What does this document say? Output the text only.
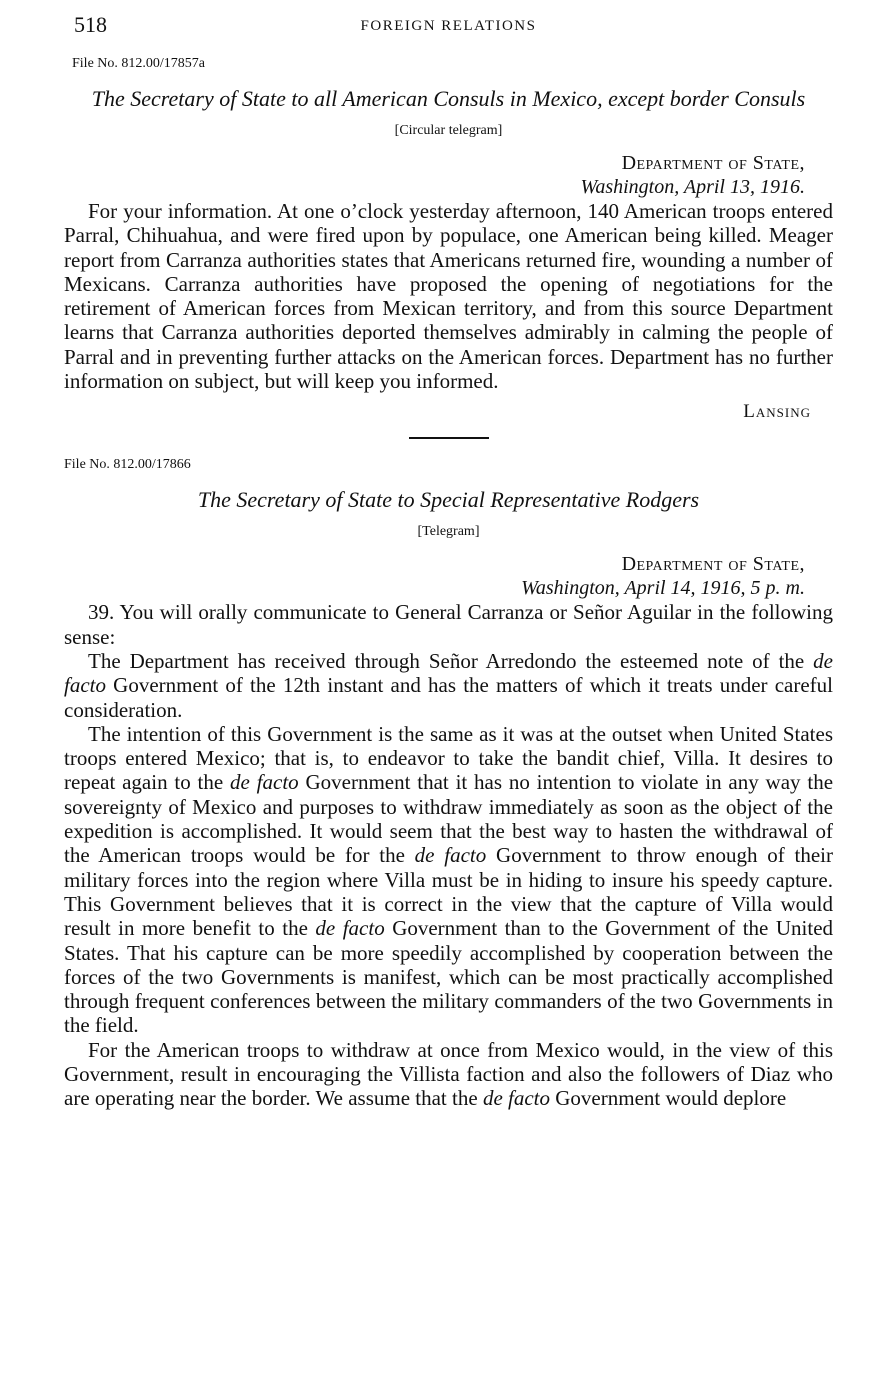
518	FOREIGN RELATIONS
File No. 812.00/17857a
The Secretary of State to all American Consuls in Mexico, except border Consuls
[Circular telegram]
Department of State,
Washington, April 13, 1916.

For your information. At one o’clock yesterday afternoon, 140 American troops entered Parral, Chihuahua, and were fired upon by populace, one American being killed. Meager report from Carranza authorities states that Americans returned fire, wounding a number of Mexicans. Carranza authorities have proposed the opening of negotiations for the retirement of American forces from Mexican territory, and from this source Department learns that Carranza authorities deported themselves admirably in calming the people of Parral and in preventing further attacks on the American forces. Department has no further information on subject, but will keep you informed.

Lansing
File No. 812.00/17866
The Secretary of State to Special Representative Rodgers
[Telegram]
Department of State,
Washington, April 14, 1916, 5 p. m.

39. You will orally communicate to General Carranza or Señor Aguilar in the following sense:

The Department has received through Señor Arredondo the esteemed note of the de facto Government of the 12th instant and has the matters of which it treats under careful consideration.

The intention of this Government is the same as it was at the outset when United States troops entered Mexico; that is, to endeavor to take the bandit chief, Villa. It desires to repeat again to the de facto Government that it has no intention to violate in any way the sovereignty of Mexico and purposes to withdraw immediately as soon as the object of the expedition is accomplished. It would seem that the best way to hasten the withdrawal of the American troops would be for the de facto Government to throw enough of their military forces into the region where Villa must be in hiding to insure his speedy capture. This Government believes that it is correct in the view that the capture of Villa would result in more benefit to the de facto Government than to the Government of the United States. That his capture can be more speedily accomplished by cooperation between the forces of the two Governments is manifest, which can be most practically accomplished through frequent conferences between the military commanders of the two Governments in the field.

For the American troops to withdraw at once from Mexico would, in the view of this Government, result in encouraging the Villista faction and also the followers of Diaz who are operating near the border. We assume that the de facto Government would deplore
